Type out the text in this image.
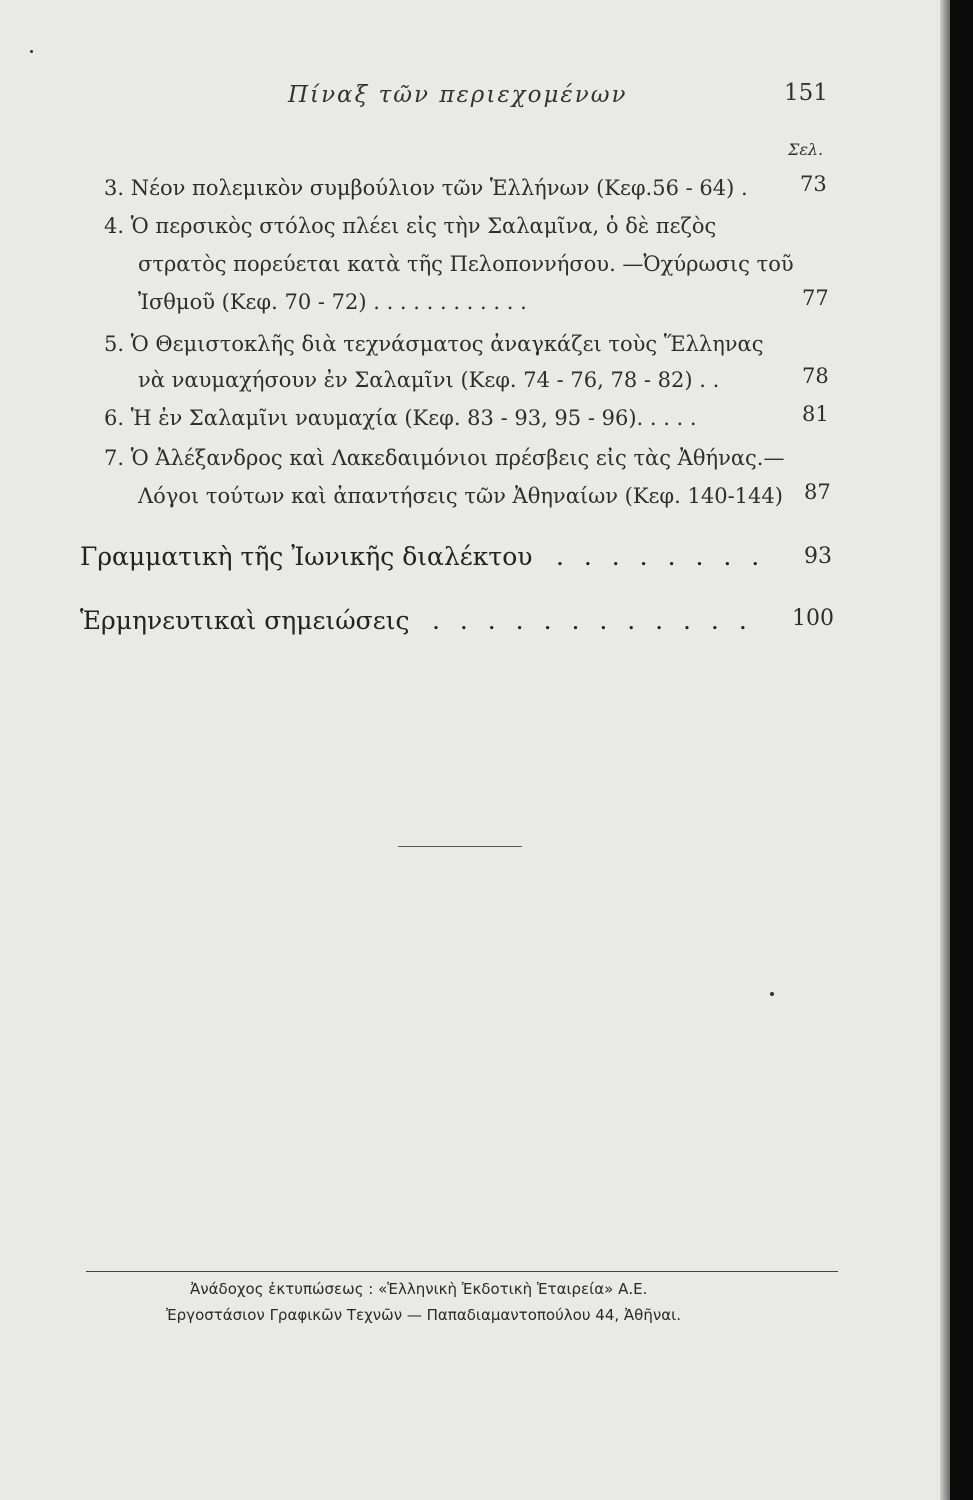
Πίναξ τῶν περιεχομένων	151
Σελ.
3. Νέον πολεμικὸν συμβούλιον τῶν Ἑλλήνων (Κεφ.56 - 64) . 73
4. Ὁ περσικὸς στόλος πλέει εἰς τὴν Σαλαμῖνα, ὁ δὲ πεζὸς
στρατὸς πορεύεται κατὰ τῆς Πελοποννήσου. —Ὀχύρωσις τοῦ
Ἰσθμοῦ (Κεφ. 70 - 72) . . . . . . . . . . . .	77
5. Ὁ Θεμιστοκλῆς διὰ τεχνάσματος ἀναγκάζει τοὺς Ἕλληνας
νὰ ναυμαχήσουν ἐν Σαλαμῖνι (Κεφ. 74 - 76, 78 - 82) . .	78
6. Ἡ ἐν Σαλαμῖνι ναυμαχία (Κεφ. 83 - 93, 95 - 96). . . . .	81
7. Ὁ Ἀλέξανδρος καὶ Λακεδαιμόνιοι πρέσβεις εἰς τὰς Ἀθήνας.—
Λόγοι τούτων καὶ ἀπαντήσεις τῶν Ἀθηναίων (Κεφ. 140-144) 87
Γραμματικὴ τῆς Ἰωνικῆς διαλέκτου . . . . . . . . 93
Ἑρμηνευτικαὶ σημειώσεις . . . . . . . . . . . . 100
Ἀνάδοχος ἐκτυπώσεως : «Ἑλληνικὴ Ἐκδοτικὴ Ἑταιρεία» Α.Ε.
Ἐργοστάσιον Γραφικῶν Τεχνῶν — Παπαδιαμαντοπούλου 44, Ἀθῆναι.
